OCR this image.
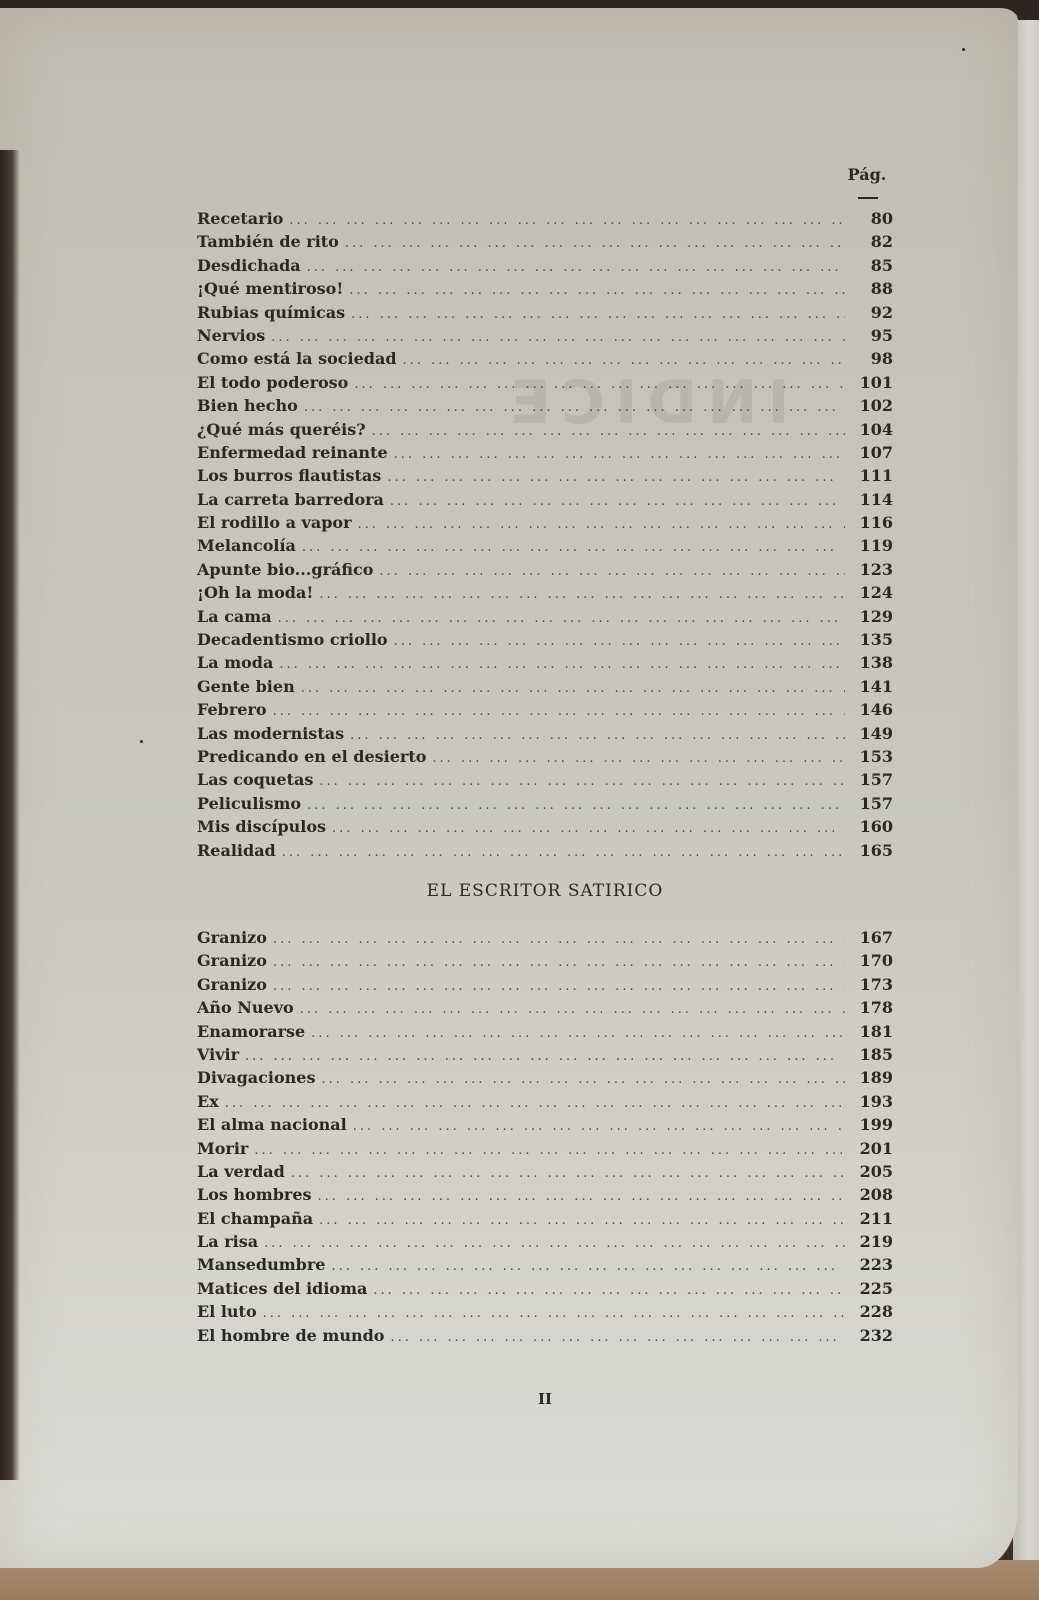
INDICE
Pág.
Recetario ... .	80
También de rito ... .	82
Desdichada ... .	85
¡Qué mentiroso! ... .	88
Rubias químicas ... .	92
Nervios ... .	95
Como está la sociedad ... .	98
El todo poderoso ... .	101
Bien hecho ... .	102
¿Qué más queréis? ... .	104
Enfermedad reinante ... .	107
Los burros flautistas ... .	111
La carreta barredora ... .	114
El rodillo a vapor ... .	116
Melancolía ... .	119
Apunte bio...gráfico ... .	123
¡Oh la moda! ... .	124
La cama ... .	129
Decadentismo criollo ... .	135
La moda ... .	138
Gente bien ... .	141
Febrero ... .	146
Las modernistas ... .	149
Predicando en el desierto ... .	153
Las coquetas ... .	157
Peliculismo ... .	157
Mis discípulos ... .	160
Realidad ... .	165
EL ESCRITOR SATIRICO
Granizo ... .	167
Granizo ... .	170
Granizo ... .	173
Año Nuevo ... .	178
Enamorarse ... .	181
Vivir ... .	185
Divagaciones ... .	189
Ex ... .	193
El alma nacional ... .	199
Morir ... .	201
La verdad ... .	205
Los hombres ... .	208
El champaña ... .	211
La risa ... .	219
Mansedumbre ... .	223
Matices del idioma ... .	225
El luto ... .	228
El hombre de mundo ... .	232
II
